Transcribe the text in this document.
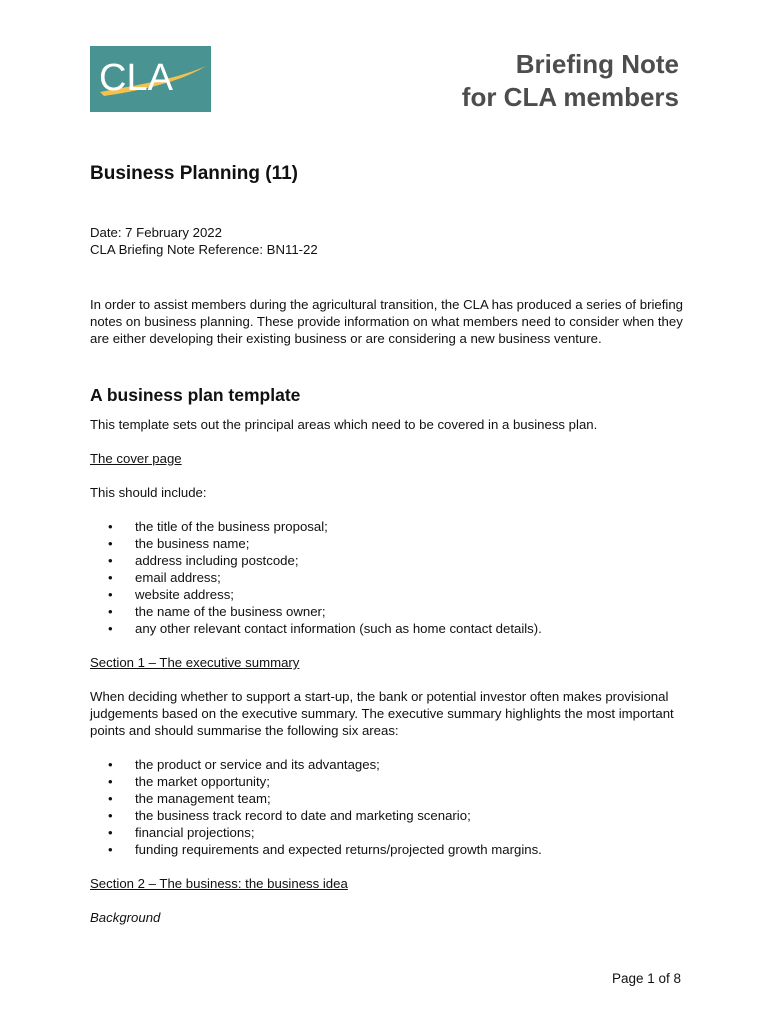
CLA	Briefing Note
for CLA members
Business Planning (11)

Date: 7 February 2022

CLA Briefing Note Reference: BN11-22

In order to assist members during the agricultural transition, the CLA has produced a series of briefing notes on business planning. These provide information on what members need to consider when they are either developing their existing business or are considering a new business venture.

A business plan template

This template sets out the principal areas which need to be covered in a business plan.

The cover page

This should include:

• the title of the business proposal;
• the business name;
• address including postcode;
• email address;
• website address;
• the name of the business owner;
• any other relevant contact information (such as home contact details).

Section 1 – The executive summary

When deciding whether to support a start-up, the bank or potential investor often makes provisional judgements based on the executive summary. The executive summary highlights the most important points and should summarise the following six areas:

• the product or service and its advantages;
• the market opportunity;
• the management team;
• the business track record to date and marketing scenario;
• financial projections;
• funding requirements and expected returns/projected growth margins.

Section 2 – The business: the business idea

Background

Page 1 of 8
